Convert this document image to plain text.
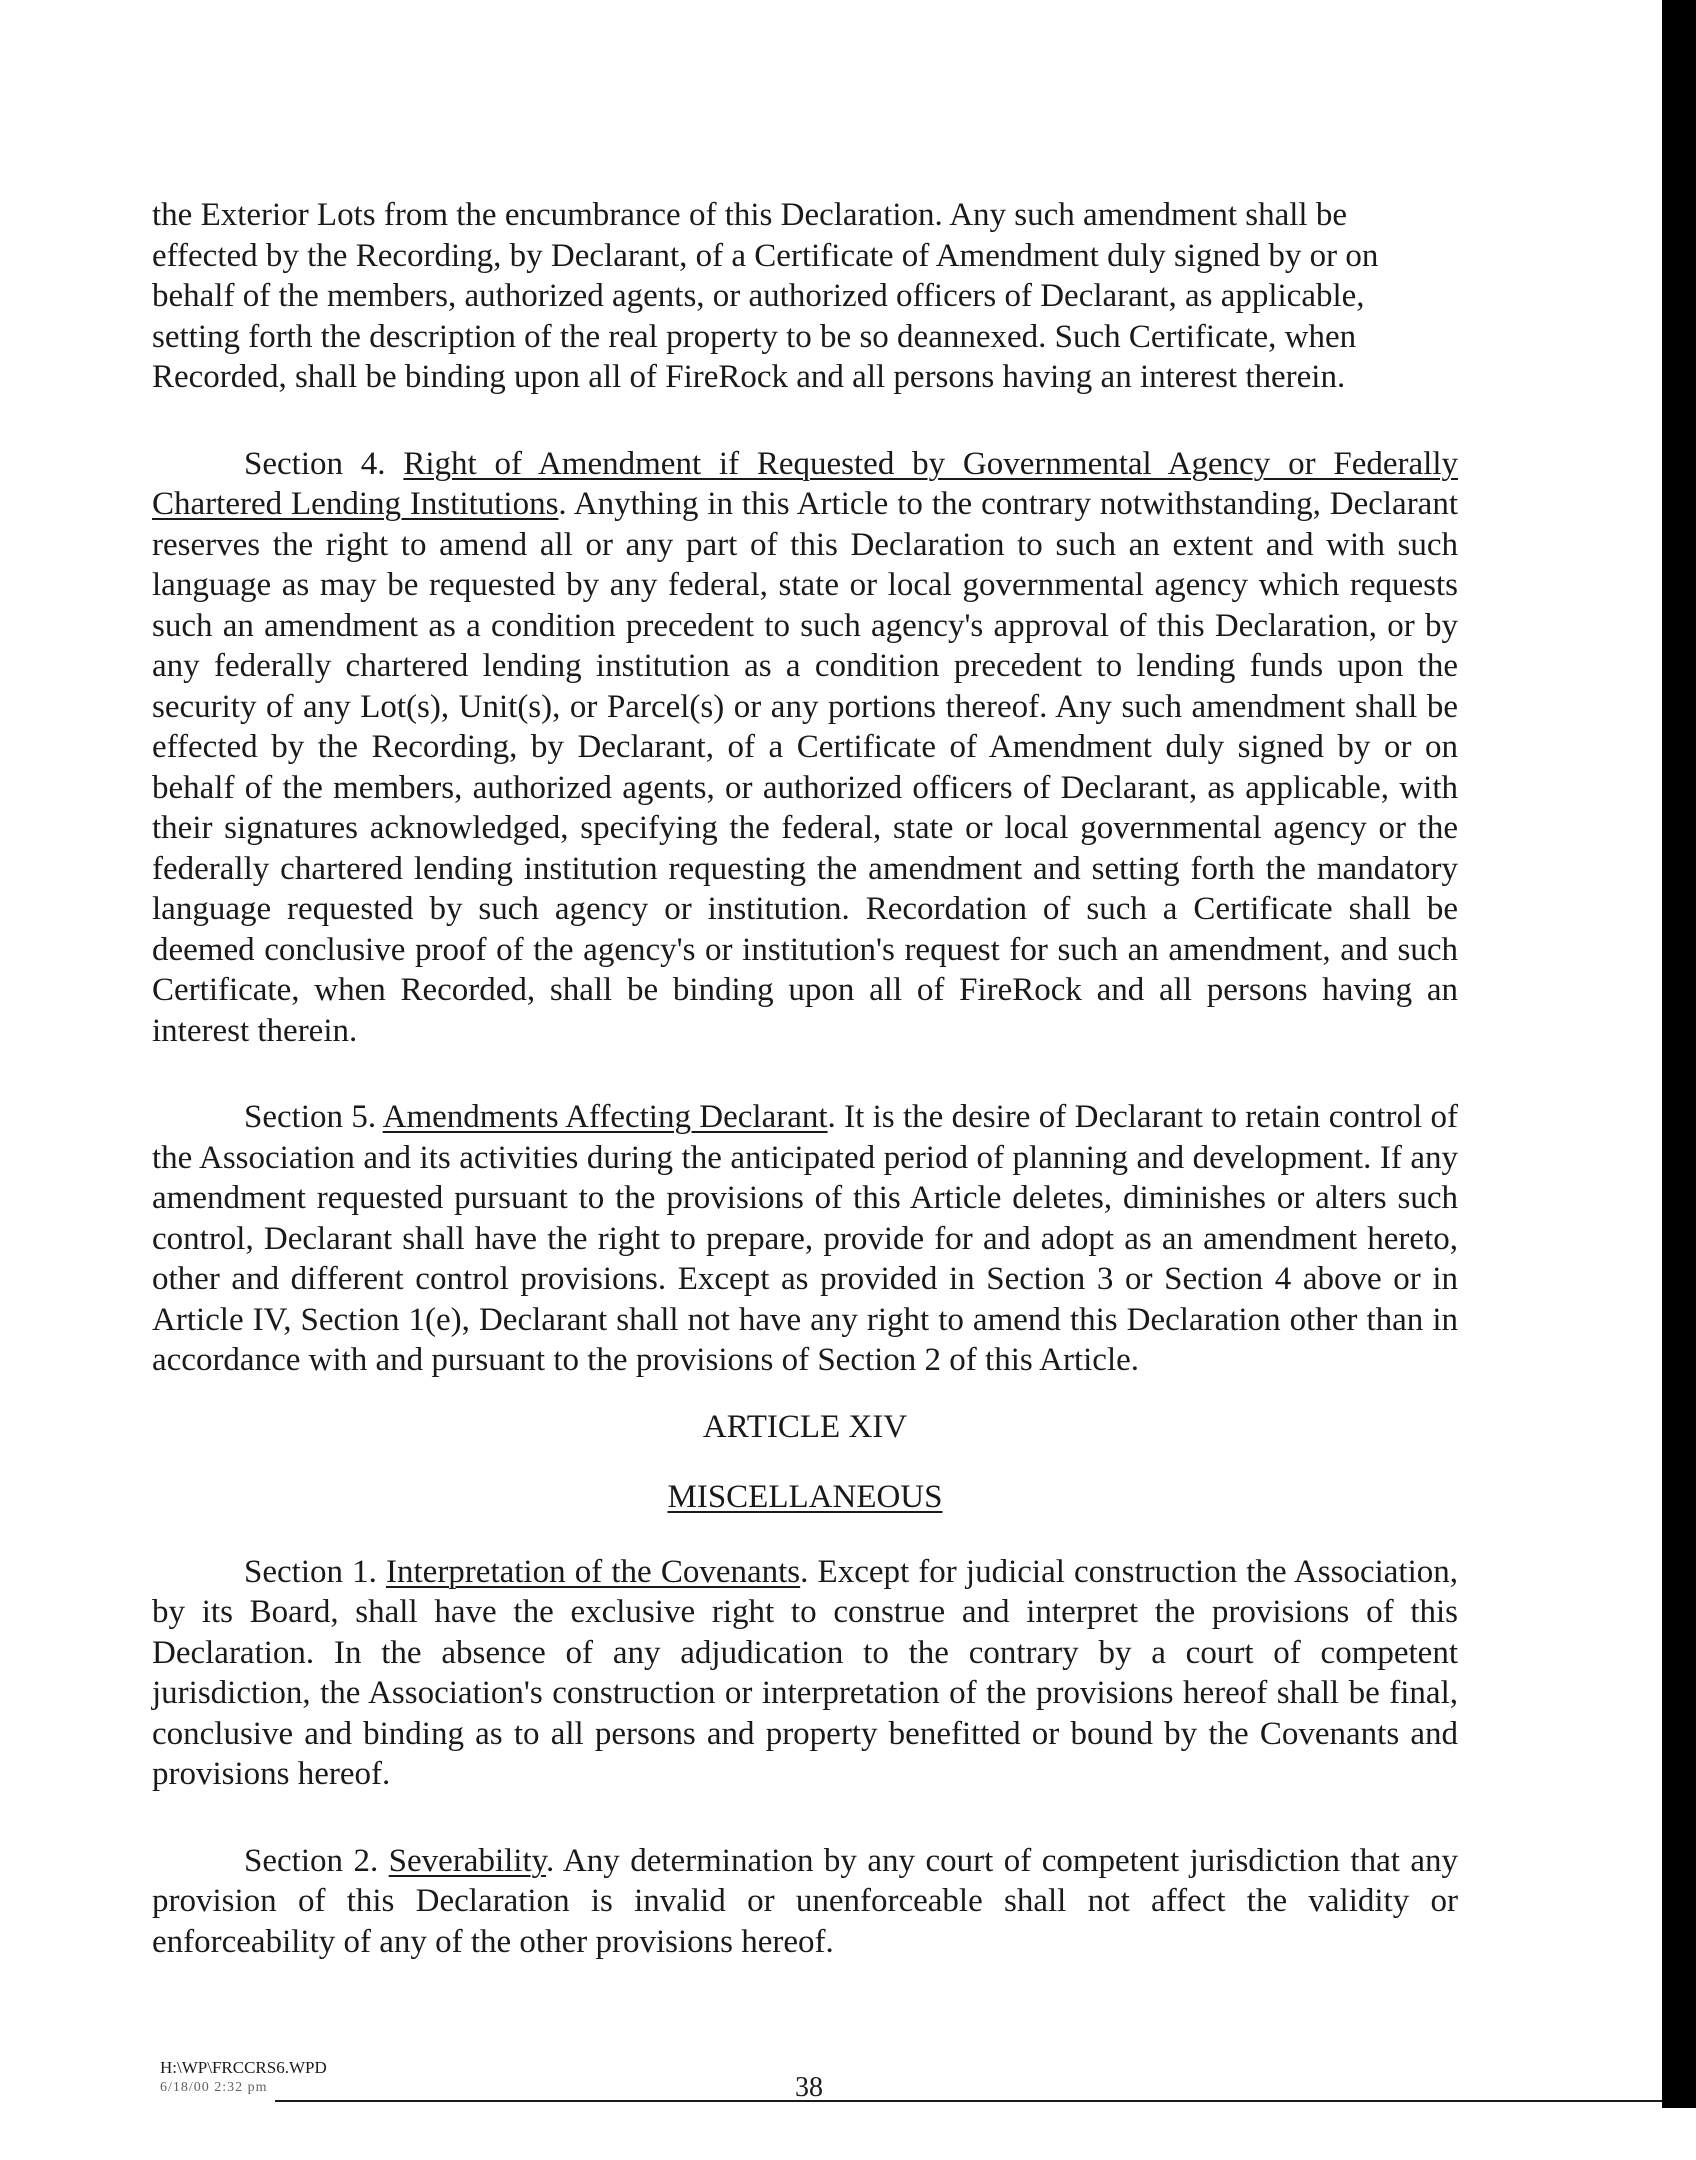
the Exterior Lots from the encumbrance of this Declaration. Any such amendment shall be effected by the Recording, by Declarant, of a Certificate of Amendment duly signed by or on behalf of the members, authorized agents, or authorized officers of Declarant, as applicable, setting forth the description of the real property to be so deannexed. Such Certificate, when Recorded, shall be binding upon all of FireRock and all persons having an interest therein.

Section 4. Right of Amendment if Requested by Governmental Agency or Federally Chartered Lending Institutions. Anything in this Article to the contrary notwithstanding, Declarant reserves the right to amend all or any part of this Declaration to such an extent and with such language as may be requested by any federal, state or local governmental agency which requests such an amendment as a condition precedent to such agency's approval of this Declaration, or by any federally chartered lending institution as a condition precedent to lending funds upon the security of any Lot(s), Unit(s), or Parcel(s) or any portions thereof. Any such amendment shall be effected by the Recording, by Declarant, of a Certificate of Amendment duly signed by or on behalf of the members, authorized agents, or authorized officers of Declarant, as applicable, with their signatures acknowledged, specifying the federal, state or local governmental agency or the federally chartered lending institution requesting the amendment and setting forth the mandatory language requested by such agency or institution. Recordation of such a Certificate shall be deemed conclusive proof of the agency's or institution's request for such an amendment, and such Certificate, when Recorded, shall be binding upon all of FireRock and all persons having an interest therein.

Section 5. Amendments Affecting Declarant. It is the desire of Declarant to retain control of the Association and its activities during the anticipated period of planning and development. If any amendment requested pursuant to the provisions of this Article deletes, diminishes or alters such control, Declarant shall have the right to prepare, provide for and adopt as an amendment hereto, other and different control provisions. Except as provided in Section 3 or Section 4 above or in Article IV, Section 1(e), Declarant shall not have any right to amend this Declaration other than in accordance with and pursuant to the provisions of Section 2 of this Article.

ARTICLE XIV

MISCELLANEOUS

Section 1. Interpretation of the Covenants. Except for judicial construction the Association, by its Board, shall have the exclusive right to construe and interpret the provisions of this Declaration. In the absence of any adjudication to the contrary by a court of competent jurisdiction, the Association's construction or interpretation of the provisions hereof shall be final, conclusive and binding as to all persons and property benefitted or bound by the Covenants and provisions hereof.

Section 2. Severability. Any determination by any court of competent jurisdiction that any provision of this Declaration is invalid or unenforceable shall not affect the validity or enforceability of any of the other provisions hereof.

H:\WP\FRCCRS6.WPD
6/18/00 2:32 pm	38
